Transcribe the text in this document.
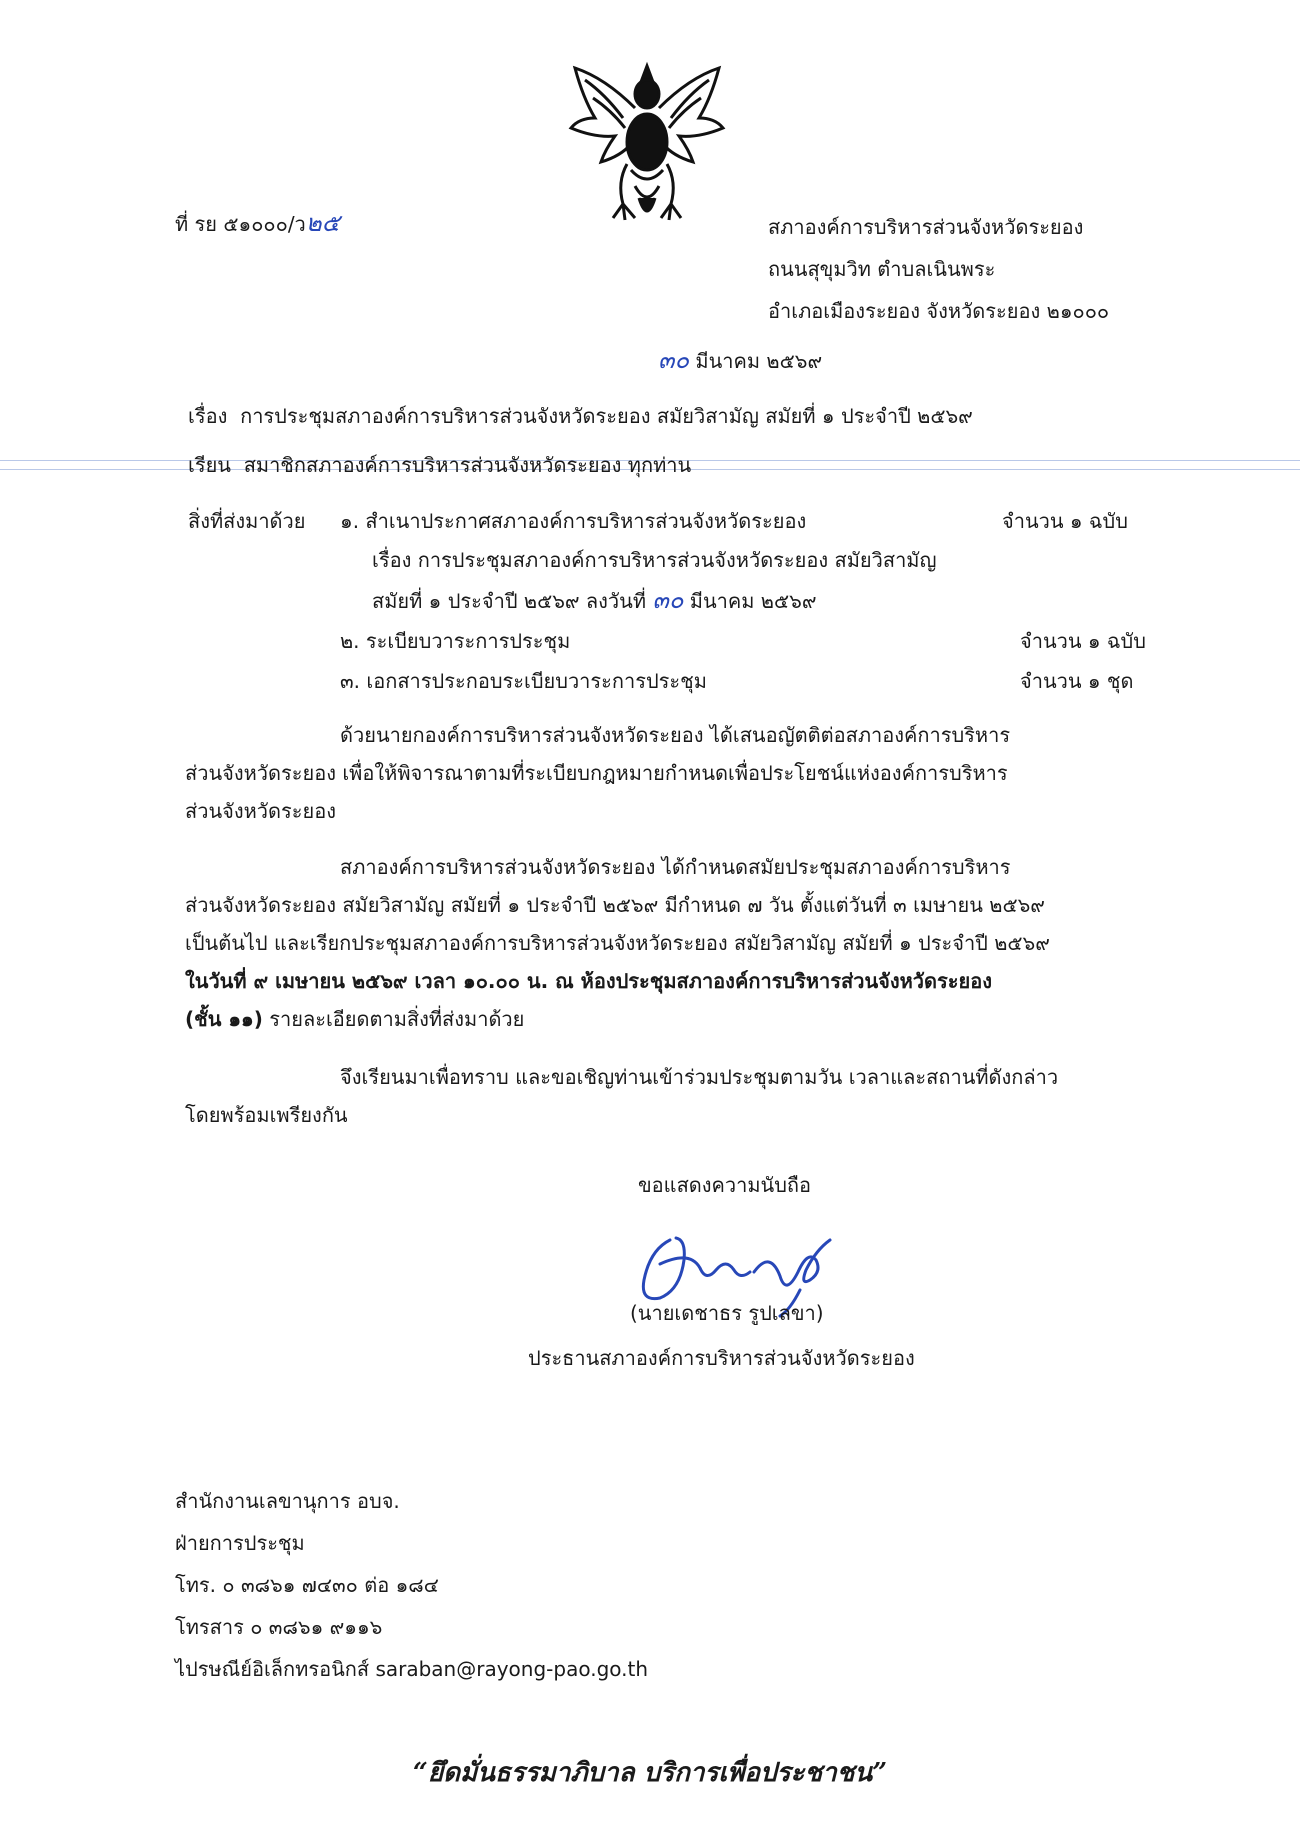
ที่ รย ๕๑๐๐๐/ว๒๕	สภาองค์การบริหารส่วนจังหวัดระยอง
ถนนสุขุมวิท ตำบลเนินพระ
อำเภอเมืองระยอง จังหวัดระยอง ๒๑๐๐๐
๓๐ มีนาคม ๒๕๖๙
เรื่อง การประชุมสภาองค์การบริหารส่วนจังหวัดระยอง สมัยวิสามัญ สมัยที่ ๑ ประจำปี ๒๕๖๙
เรียน สมาชิกสภาองค์การบริหารส่วนจังหวัดระยอง ทุกท่าน
สิ่งที่ส่งมาด้วย ๑. สำเนาประกาศสภาองค์การบริหารส่วนจังหวัดระยอง	จำนวน ๑ ฉบับ
เรื่อง การประชุมสภาองค์การบริหารส่วนจังหวัดระยอง สมัยวิสามัญ
สมัยที่ ๑ ประจำปี ๒๕๖๙ ลงวันที่ ๓๐ มีนาคม ๒๕๖๙
๒. ระเบียบวาระการประชุม	จำนวน ๑ ฉบับ
๓. เอกสารประกอบระเบียบวาระการประชุม	จำนวน ๑ ชุด
ด้วยนายกองค์การบริหารส่วนจังหวัดระยอง ได้เสนอญัตติต่อสภาองค์การบริหาร
ส่วนจังหวัดระยอง เพื่อให้พิจารณาตามที่ระเบียบกฎหมายกำหนดเพื่อประโยชน์แห่งองค์การบริหาร
ส่วนจังหวัดระยอง
สภาองค์การบริหารส่วนจังหวัดระยอง ได้กำหนดสมัยประชุมสภาองค์การบริหาร
ส่วนจังหวัดระยอง สมัยวิสามัญ สมัยที่ ๑ ประจำปี ๒๕๖๙ มีกำหนด ๗ วัน ตั้งแต่วันที่ ๓ เมษายน ๒๕๖๙
เป็นต้นไป และเรียกประชุมสภาองค์การบริหารส่วนจังหวัดระยอง สมัยวิสามัญ สมัยที่ ๑ ประจำปี ๒๕๖๙
ในวันที่ ๙ เมษายน ๒๕๖๙ เวลา ๑๐.๐๐ น. ณ ห้องประชุมสภาองค์การบริหารส่วนจังหวัดระยอง
(ชั้น ๑๑) รายละเอียดตามสิ่งที่ส่งมาด้วย
จึงเรียนมาเพื่อทราบ และขอเชิญท่านเข้าร่วมประชุมตามวัน เวลาและสถานที่ดังกล่าว
โดยพร้อมเพรียงกัน
ขอแสดงความนับถือ
(นายเดชาธร รูปเลขา)
ประธานสภาองค์การบริหารส่วนจังหวัดระยอง
สำนักงานเลขานุการ อบจ.
ฝ่ายการประชุม
โทร. ๐ ๓๘๖๑ ๗๔๓๐ ต่อ ๑๘๔
โทรสาร ๐ ๓๘๖๑ ๙๑๑๖
ไปรษณีย์อิเล็กทรอนิกส์ saraban@rayong-pao.go.th
“ยึดมั่นธรรมาภิบาล บริการเพื่อประชาชน”
